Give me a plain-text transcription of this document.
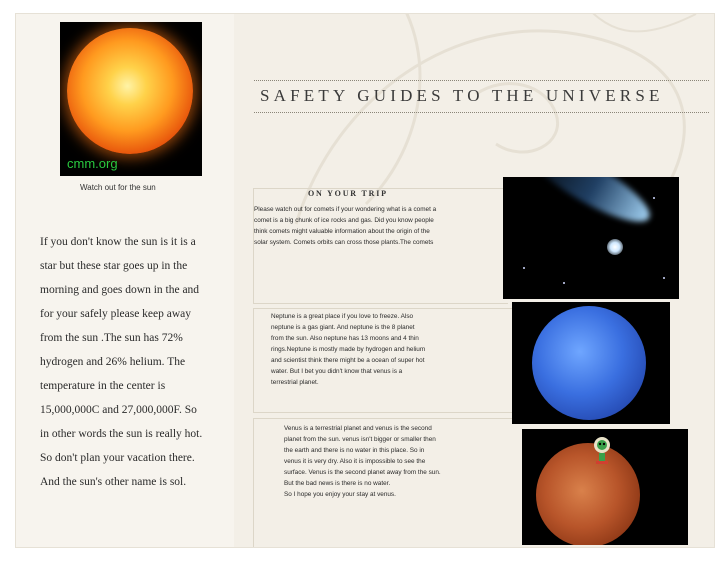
cmm.org
Watch out for the sun

If you don't know the sun is it is a

star but these star goes up in the

morning and goes down in the and

for your safely please keep away

from the sun .The sun has 72%

hydrogen and 26% helium. The

temperature in the center is

15,000,000C and 27,000,000F. So

in other words the sun is really hot.

So don't plan your vacation there.

And the sun's other name is sol.

SAFETY GUIDES TO THE UNIVERSE
ON YOUR TRIP

Please watch out for comets if your wondering what is a comet a

comet is a big chunk of ice rocks and gas. Did you know people

think comets might valuable information about the origin of the

solar system. Comets orbits can cross those plants.The comets

Neptune is a great place if you love to freeze. Also

neptune is a gas giant. And neptune is the 8 planet

from the sun. Also neptune has 13 moons and 4 thin

rings.Neptune is mostly made by hydrogen and helium

and scientist think there might be a ocean of super hot

water. But I bet you didn't know that venus is a

terrestrial planet.

Venus is a terrestrial planet and venus is the second

planet from the sun. venus isn't bigger or smaller then

the earth and there is no water in this place. So in

venus it is very dry. Also it is impossible to see the

surface. Venus is the second planet away from the sun.

But the bad news is there is no water.

So I hope you enjoy your stay at venus.
